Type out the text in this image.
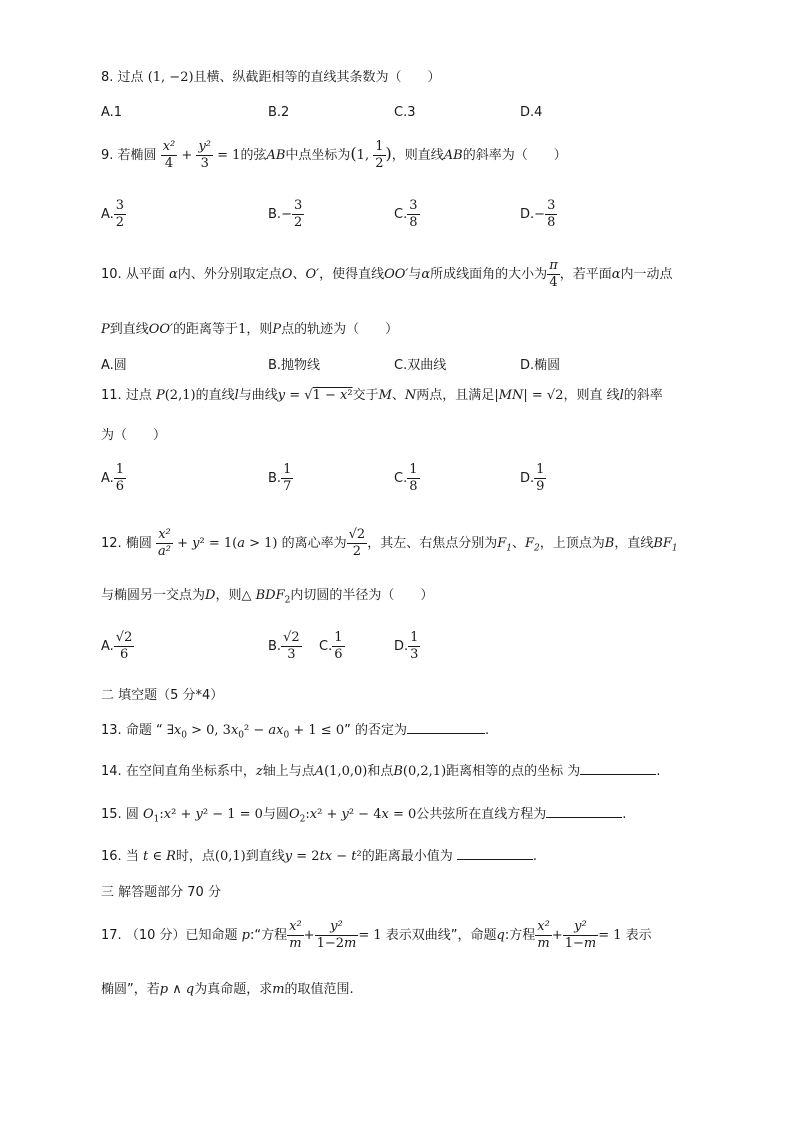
8. 过点 (1, −2)且横、纵截距相等的直线其条数为（　　）
A.1	B.2	C.3	D.4
9. 若椭圆 $\frac{\text{x²}}{4} + \frac{\text{y²}}{3} = 1$的弦AB中点坐标为(1, $\frac{1}{2}$ )，则直线AB的斜率为（　　）
A. $\frac{3}{2}$	$B.- \frac{3}{2}$	C. $\frac{3}{8}$	$D.- \frac{3}{8}$
10. 从平面 α内、外分别取定点O、O′，使得直线OO′与α所成线面角的大小为 $\frac{\pi}{4}$ ，若平面α内一动点
P到直线OO′的距离等于1，则P点的轨迹为（　　）
A.圆	B.抛物线	C.双曲线	D.椭圆
11. 过点 P(2,1)的直线l与曲线y = √1 − x²交于M、N两点，且满足|MN| = √2，则直 线l的斜率
为（　　）
A. $\frac{1}{6}$	B. $\frac{1}{7}$	C. $\frac{1}{8}$	D. $\frac{1}{9}$
12. 椭圆 $\frac{\text{x²}}{\text{a²}} + y^2 = 1(a > 1)$ 的离心率为 $\frac{√2}{2}$ ，其左、右焦点分别为$F_1$、$F_2$，上顶点为B，直线$BF_1$
与椭圆另一交点为D，则△ $BDF_2$内切圆的半径为（　　）
A. $\frac{√2}{6}$	B. $\frac{√2}{3} C$. $\frac{1}{6}$	D. $\frac{1}{3}$
二 填空题（5 分*4）
13. 命题 “ $\exists x_0 > 0$, $3x_0^2 - ax_0 + 1 \le 0$” 的否定为	.
14. 在空间直角坐标系中，z轴上与点A(1,0,0)和点B(0,2,1)距离相等的点的坐标 为	.
15. 圆 $O_1:x^2 + y^2 - 1 = 0$与圆$O_2:x^2 + y^2 - 4x = 0$公共弦所在直线方程为	.
16. 当 t ∈ R时，点(0,1)到直线y = 2tx − t²的距离最小值为	.
三 解答题部分 70 分
17. （10 分）已知命题 p:“方程 $\frac{\text{x²}}{m} + \frac{\text{y²}}{1-2m} = 1$ 表示双曲线”，命题q:方程 $\frac{\text{x²}}{m} + \frac{\text{y²}}{1-m} = 1$ 表示
椭圆”，若p ∧ q为真命题，求m的取值范围.
